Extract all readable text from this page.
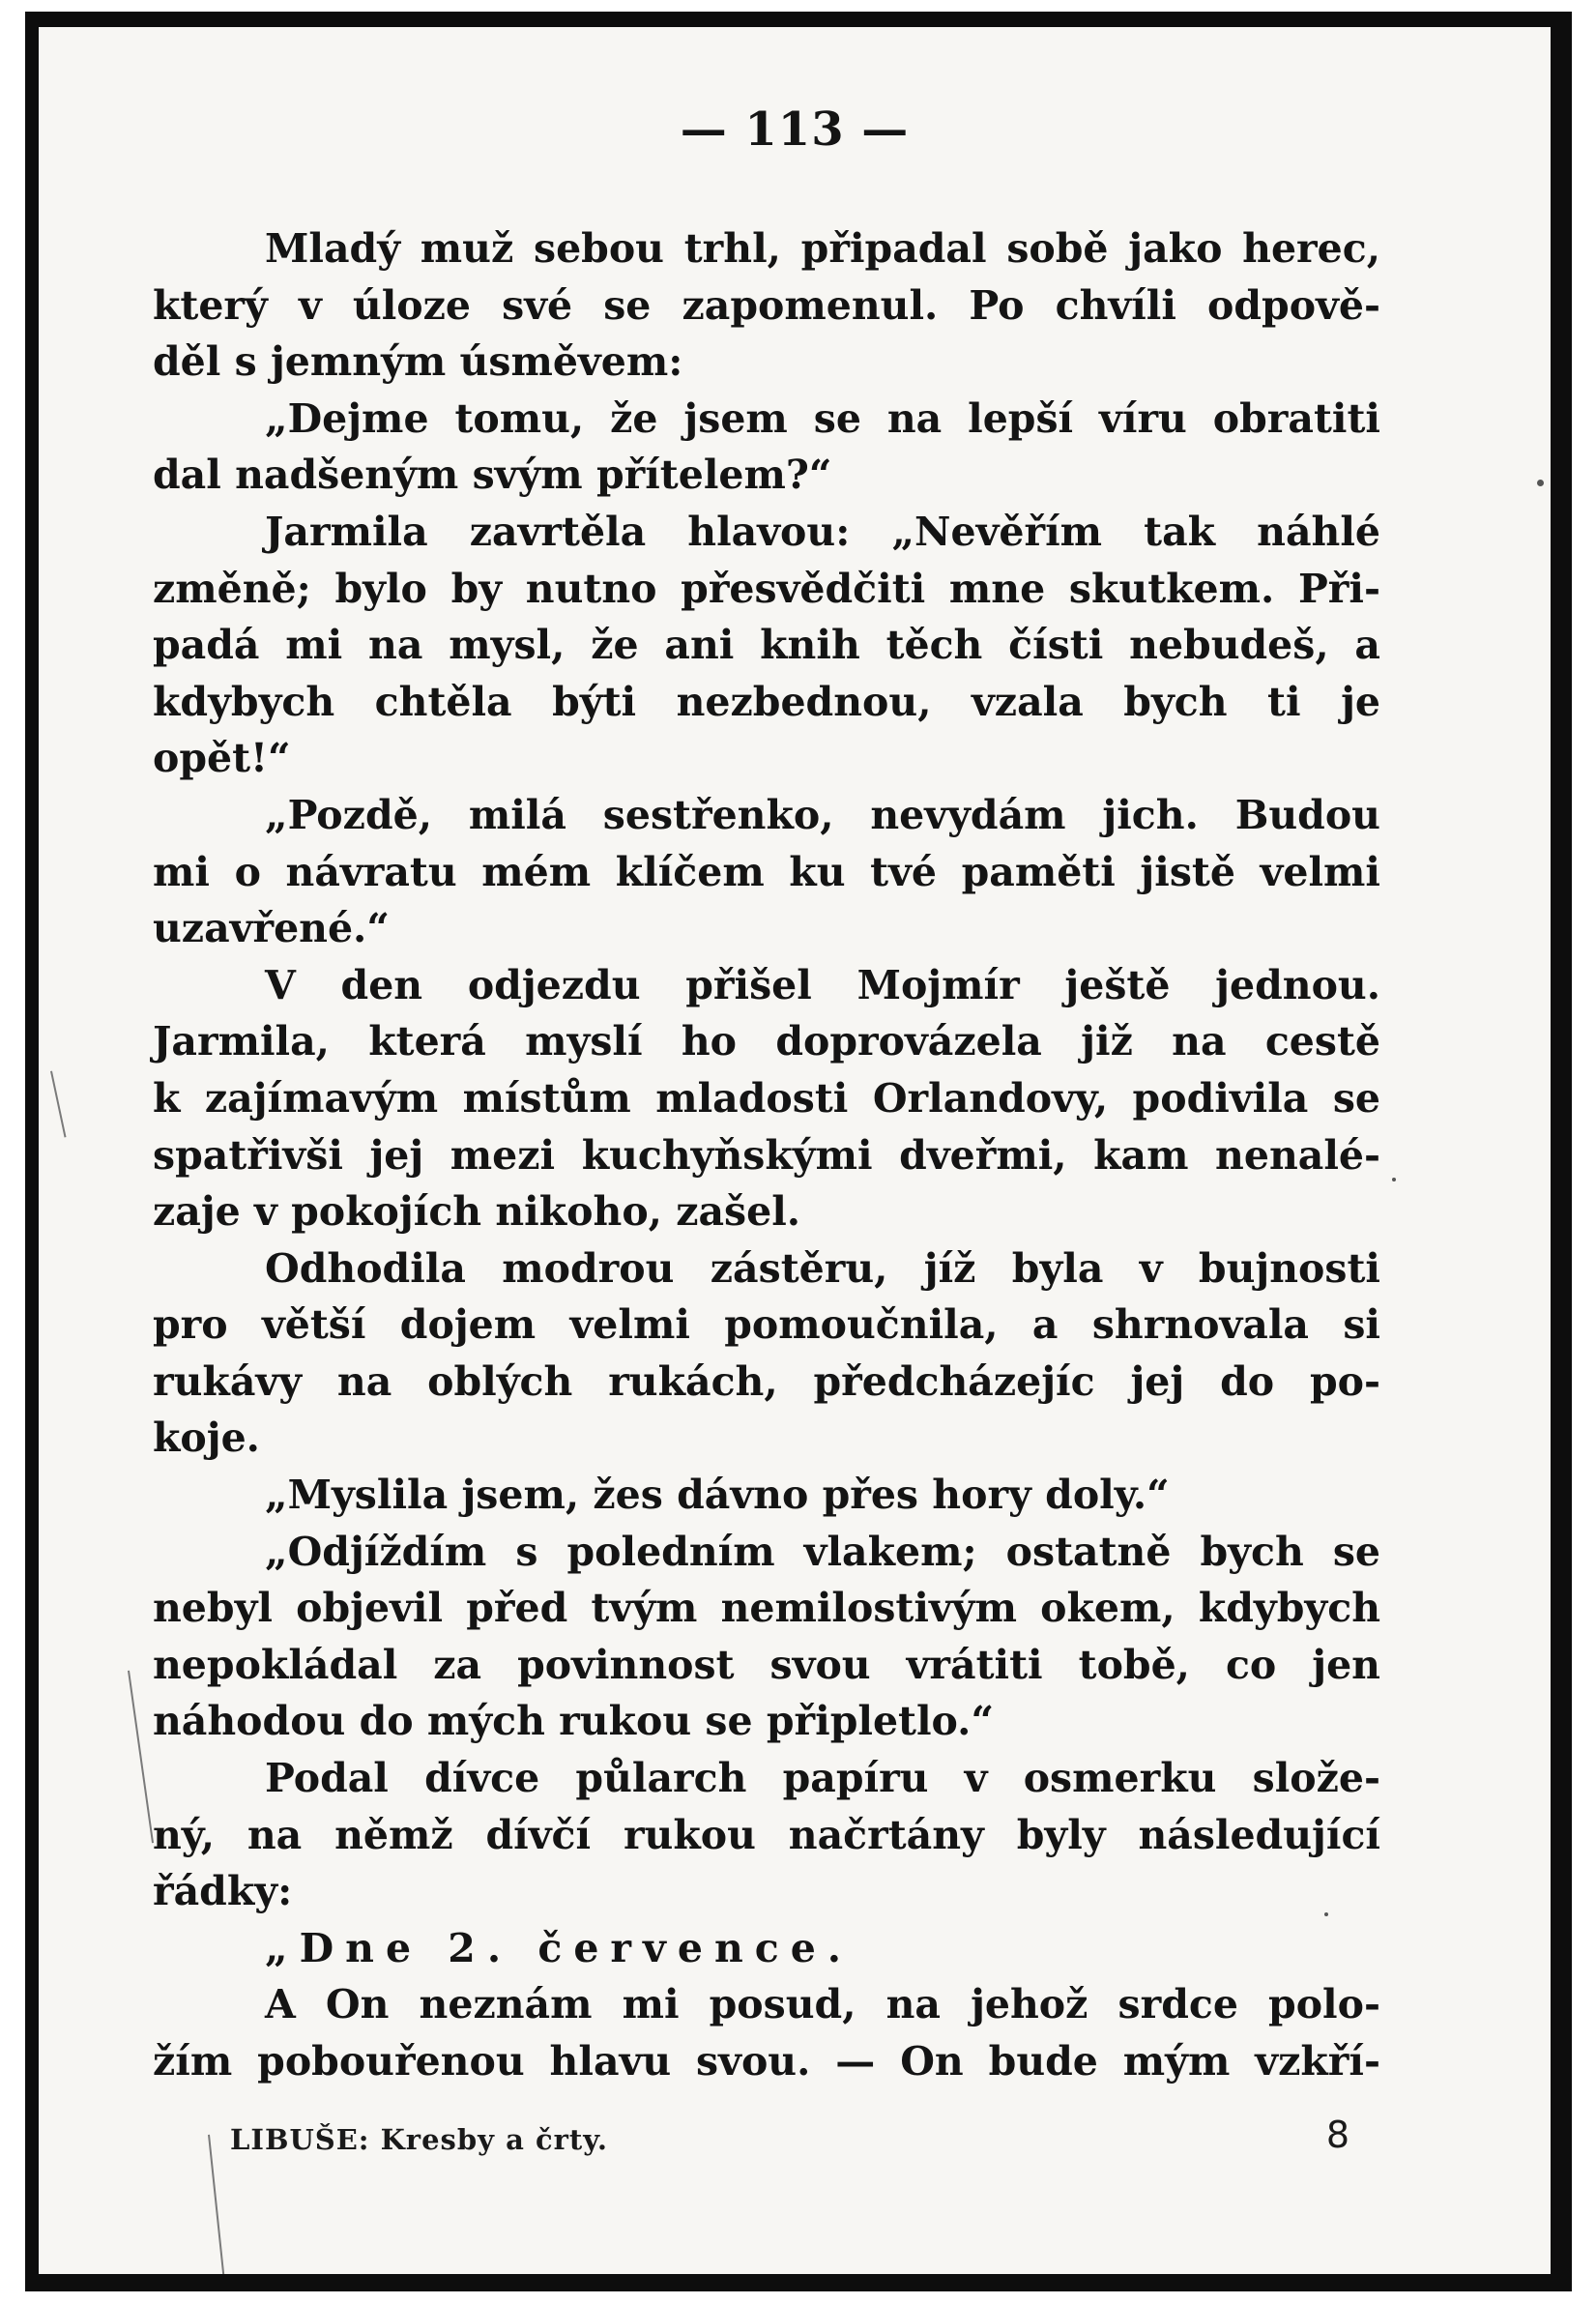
— 113 —
Mladý muž sebou trhl, připadal sobě jako herec,
který v úloze své se zapomenul. Po chvíli odpově-
děl s jemným úsměvem:
„Dejme tomu, že jsem se na lepší víru obratiti
dal nadšeným svým přítelem?“
Jarmila zavrtěla hlavou: „Nevěřím tak náhlé
změně; bylo by nutno přesvědčiti mne skutkem. Při-
padá mi na mysl, že ani knih těch čísti nebudeš, a
kdybych chtěla býti nezbednou, vzala bych ti je
opět!“
„Pozdě, milá sestřenko, nevydám jich. Budou
mi o návratu mém klíčem ku tvé paměti jistě velmi
uzavřené.“
V den odjezdu přišel Mojmír ještě jednou.
Jarmila, která myslí ho doprovázela již na cestě
k zajímavým místům mladosti Orlandovy, podivila se
spatřivši jej mezi kuchyňskými dveřmi, kam nenalé-
zaje v pokojích nikoho, zašel.
Odhodila modrou zástěru, jíž byla v bujnosti
pro větší dojem velmi pomoučnila, a shrnovala si
rukávy na oblých rukách, předcházejíc jej do po-
koje.
„Myslila jsem, žes dávno přes hory doly.“
„Odjíždím s poledním vlakem; ostatně bych se
nebyl objevil před tvým nemilostivým okem, kdybych
nepokládal za povinnost svou vrátiti tobě, co jen
náhodou do mých rukou se připletlo.“
Podal dívce půlarch papíru v osmerku slože-
ný, na němž dívčí rukou načrtány byly následující
řádky:
„Dne 2. července.
A On neznám mi posud, na jehož srdce polo-
žím pobouřenou hlavu svou. — On bude mým vzkří-
LIBUŠE: Kresby a črty.	8
